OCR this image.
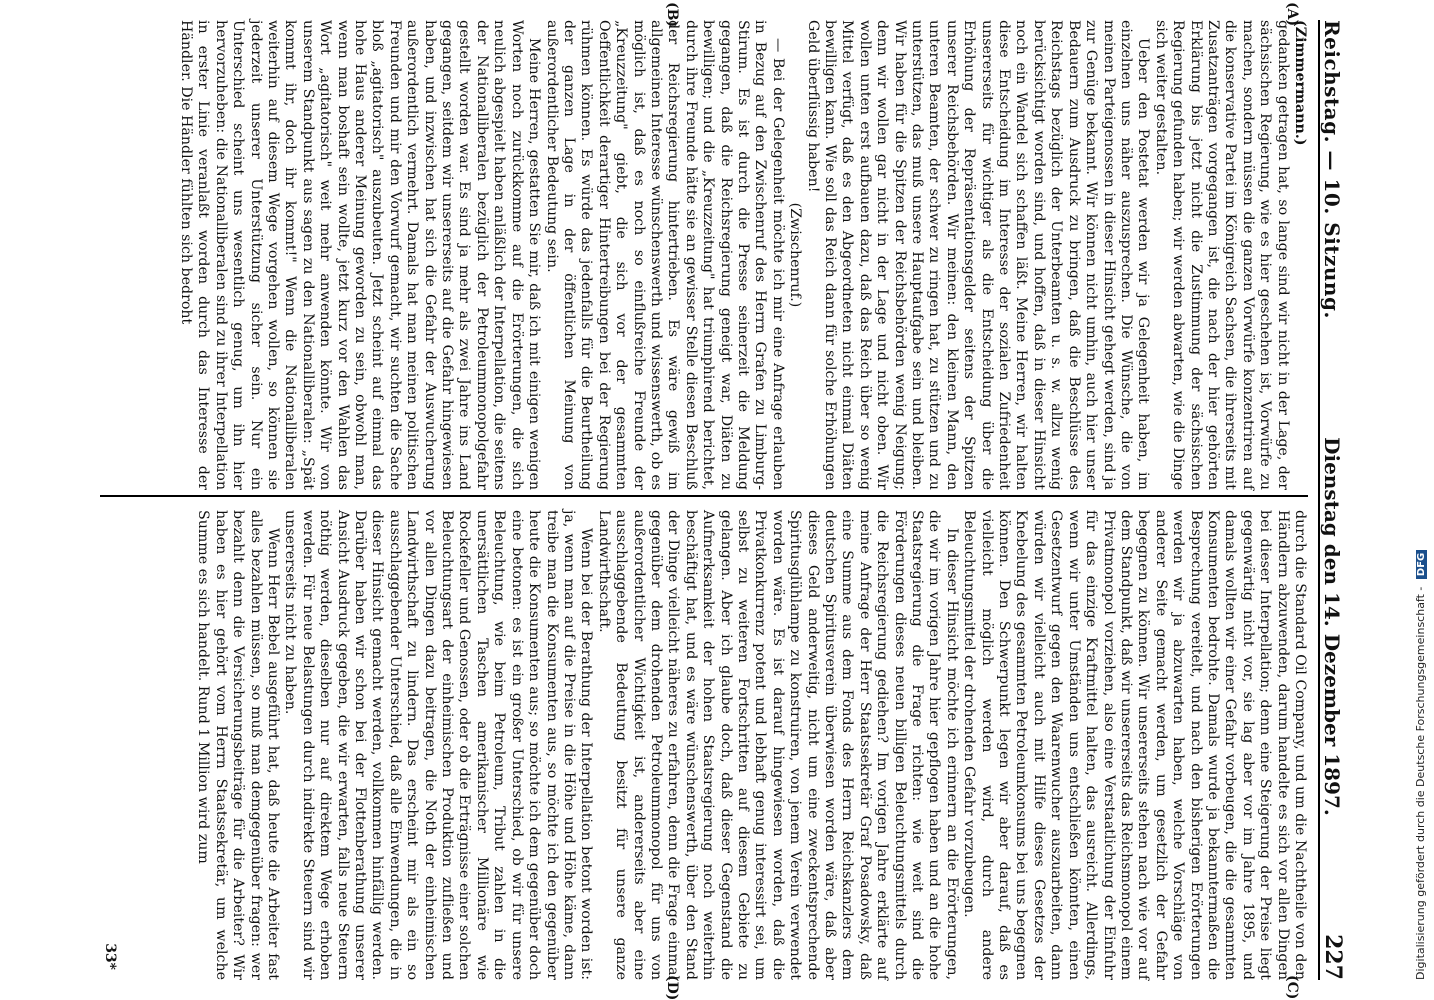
Reichstag. — 10. Sitzung.
Dienstag den 14. Dezember 1897.
227

(Zimmermann.)

gedanken getragen hat, so lange sind wir nicht in der Lage, der sächsischen Regierung, wie es hier geschehen ist, Vorwürfe zu machen, sondern müssen die ganzen Vorwürfe konzentriren auf die konservative Partei im Königreich Sachsen, die ihrerseits mit Zusatzanträgen vorgegangen ist, die nach der hier gehörten Erklärung bis jetzt nicht die Zustimmung der sächsischen Regierung gefunden haben; wir werden abwarten, wie die Dinge sich weiter gestalten.

Ueber den Postetat werden wir ja Gelegenheit haben, im einzelnen uns näher auszusprechen. Die Wünsche, die von meinen Parteigenossen in dieser Hinsicht gehegt werden, sind ja zur Genüge bekannt. Wir können nicht umhin, auch hier unser Bedauern zum Ausdruck zu bringen, daß die Beschlüsse des Reichstags bezüglich der Unterbeamten u. s. w. allzu wenig berücksichtigt worden sind, und hoffen, daß in dieser Hinsicht noch ein Wandel sich schaffen läßt. Meine Herren, wir halten diese Entscheidung im Interesse der sozialen Zufriedenheit unsererseits für wichtiger als die Entscheidung über die Erhöhung der Repräsentationsgelder seitens der Spitzen unserer Reichsbehörden. Wir meinen: den kleinen Mann, den unteren Beamten, der schwer zu ringen hat, zu stützen und zu unterstützen, das muß unsere Hauptaufgabe sein und bleiben. Wir haben für die Spitzen der Reichsbehörden wenig Neigung; denn wir wollen gar nicht in der Lage und nicht oben. Wir wollen unten erst aufbauen dazu, daß das Reich über so wenig Mittel verfügt, daß es den Abgeordneten nicht einmal Diäten bewilligen kann. Wie soll das Reich dann für solche Erhöhungen Geld überflüssig haben!

(Zwischenruf.)

— Bei der Gelegenheit möchte ich mir eine Anfrage erlauben in Bezug auf den Zwischenruf des Herrn Grafen zu Limburg-Stirum. Es ist durch die Presse seinerzeit die Meldung gegangen, daß die Reichsregierung geneigt war, Diäten zu bewilligen; und die „Kreuzzeitung" hat triumphirend berichtet, durch ihre Freunde hätte sie an gewisser Stelle diesen Beschluß der Reichsregierung hintertrieben. Es wäre gewiß im allgemeinen Interesse wünschenswerth und wissenswerth, ob es möglich ist, daß es noch so einflußreiche Freunde der „Kreuzzeitung" giebt, die sich vor der gesammten Oeffentlichkeit derartiger Hintertreibungen bei der Regierung rühmen können. Es würde das jedenfalls für die Beurtheilung der ganzen Lage in der öffentlichen Meinung von außerordentlicher Bedeutung sein.

Meine Herren, gestatten Sie mir, daß ich mit einigen wenigen Worten noch zurückkomme auf die Erörterungen, die sich neulich abgespielt haben anläßlich der Interpellation, die seitens der Nationalliberalen bezüglich der Petroleummonopolgefahr gestellt worden war. Es sind ja mehr als zwei Jahre ins Land gegangen, seitdem wir unsererseits auf die Gefahr hingewiesen haben, und inzwischen hat sich die Gefahr der Auswucherung außerordentlich vermehrt. Damals hat man meinen politischen Freunden und mir den Vorwurf gemacht, wir suchten die Sache bloß „agitatorisch" auszubeuten. Jetzt scheint auf einmal das hohe Haus anderer Meinung geworden zu sein, obwohl man, wenn man boshaft sein wollte, jetzt kurz vor den Wahlen das Wort „agitatorisch" weit mehr anwenden könnte. Wir von unserem Standpunkt aus sagen zu den Nationalliberalen: „Spät kommt ihr, doch ihr kommt!" Wenn die Nationalliberalen weiterhin auf diesem Wege vorgehen wollen, so können sie jederzeit unserer Unterstützung sicher sein. Nur ein Unterschied scheint uns wesentlich genug, um ihn hier hervorzuheben: die Nationalliberalen sind zu ihrer Interpellation in erster Linie veranlaßt worden durch das Interesse der Händler. Die Händler fühlten sich bedroht

durch die Standard Oil Company, und um die Nachtheile von den Händlern abzuwenden, darum handelte es sich vor allen Dingen bei dieser Interpellation; denn eine Steigerung der Preise liegt gegenwärtig nicht vor, sie lag aber vor im Jahre 1895, und damals wollten wir einer Gefahr vorbeugen, die die gesammten Konsumenten bedrohte. Damals wurde ja bekanntermaßen die Besprechung vereitelt, und nach den bisherigen Erörterungen werden wir ja abzuwarten haben, welche Vorschläge von anderer Seite gemacht werden, um gesetzlich der Gefahr begegnen zu können. Wir unsererseits stehen nach wie vor auf dem Standpunkt, daß wir unsererseits das Reichsmonopol einem Privatmonopol vorziehen, also eine Verstaatlichung der Einfuhr für das einzige Kraftmittel halten, das ausreicht. Allerdings, wenn wir unter Umständen uns entschließen könnten, einen Gesetzentwurf gegen den Waarenwucher auszuarbeiten, dann würden wir vielleicht auch mit Hilfe dieses Gesetzes der Knebelung des gesammten Petroleumkonsums bei uns begegnen können. Den Schwerpunkt legen wir aber darauf, daß es vielleicht möglich werden wird, durch andere Beleuchtungsmittel der drohenden Gefahr vorzubeugen.

In dieser Hinsicht möchte ich erinnern an die Erörterungen, die wir im vorigen Jahre hier gepflogen haben und an die hohe Staatsregierung die Frage richten: wie weit sind die Förderungen dieses neuen billigen Beleuchtungsmittels durch die Reichsregierung gediehen? Im vorigen Jahre erklärte auf meine Anfrage der Herr Staatssekretär Graf Posadowsky, daß eine Summe aus dem Fonds des Herrn Reichskanzlers dem deutschen Spiritusverein überwiesen worden wäre, daß aber dieses Geld anderweitig, nicht um eine zweckentsprechende Spiritusglühlampe zu konstruiren, von jenem Verein verwendet worden wäre. Es ist darauf hingewiesen worden, daß die Privatkonkurrenz potent und lebhaft genug interessirt sei, um selbst zu weiteren Fortschritten auf diesem Gebiete zu gelangen. Aber ich glaube doch, daß dieser Gegenstand die Aufmerksamkeit der hohen Staatsregierung noch weiterhin beschäftigt hat, und es wäre wünschenswerth, über den Stand der Dinge vielleicht näheres zu erfahren, denn die Frage einmal gegenüber dem drohenden Petroleummonopol für uns von außerordentlicher Wichtigkeit ist, andererseits aber eine ausschlaggebende Bedeutung besitzt für unsere ganze Landwirthschaft.

Wenn bei der Berathung der Interpellation betont worden ist: ja, wenn man auf die Preise in die Höhe und Höhe käme, dann treibe man die Konsumenten aus, so möchte ich den gegenüber heute die Konsumenten aus; so möchte ich dem gegenüber doch eine betonen: es ist ein großer Unterschied, ob wir für unsere Beleuchtung, wie beim Petroleum, Tribut zahlen in die unersättlichen Taschen amerikanischer Millionäre wie Rockefeller und Genossen, oder ob die Erträgnisse einer solchen Beleuchtungsart der einheimischen Produktion zufließen und vor allen Dingen dazu beitragen, die Noth der einheimischen Landwirthschaft zu lindern. Das erscheint mir als ein so ausschlaggebender Unterschied, daß alle Einwendungen, die in dieser Hinsicht gemacht werden, vollkommen hinfällig werden. Darüber haben wir schon bei der Flottenberathung unserer Ansicht Ausdruck gegeben, die wir erwarten, falls neue Steuern nöthig werden, dieselben nur auf direktem Wege erhoben werden. Für neue Belastungen durch indirekte Steuern sind wir unsererseits nicht zu haben.

Wenn Herr Bebel ausgeführt hat, daß heute die Arbeiter fast alles bezahlen müssen, so muß man demgegenüber fragen: wer bezahlt denn die Versicherungsbeiträge für die Arbeiter? Wir haben es hier gehört vom Herrn Staatssekretär, um welche Summe es sich handelt. Rund 1 Million wird zum

(A)
(B)
(C)
(D)
33*	Digitalisierung gefördert durch die Deutsche Forschungsgemeinschaft - DFG
